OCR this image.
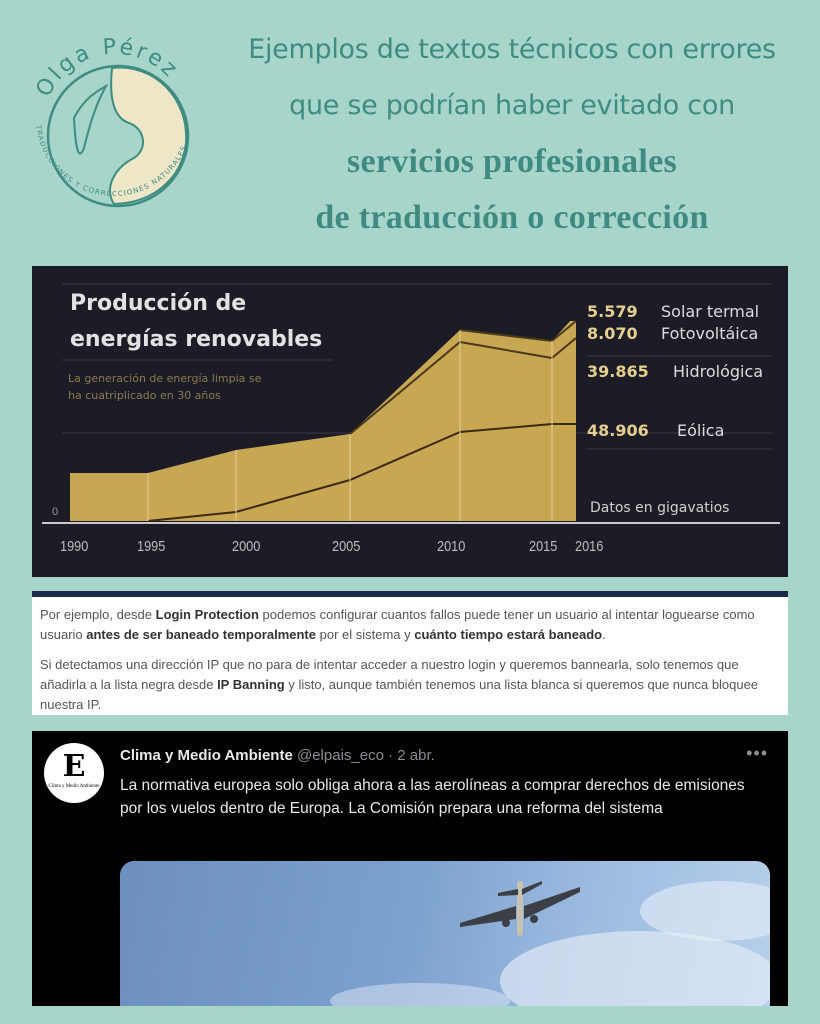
Olga Pérez
TRADUCCIONES Y CORRECCIONES NATURALES
Ejemplos de textos técnicos con errores
que se podrían haber evitado con
servicios profesionales
de traducción o corrección
Producción de
energías renovables
La generación de energía limpia se
ha cuatriplicado en 30 años
5.579	Solar termal
8.070	Fotovoltáica
39.865	Hidrológica
48.906	Eólica
Datos en gigavatios
0
1990	1995	2000	2005	2010	2015 2016

Por ejemplo, desde Login Protection podemos configurar cuantos fallos puede tener un usuario al intentar loguearse como usuario antes de ser baneado temporalmente por el sistema y cuánto tiempo estará baneado.

Si detectamos una dirección IP que no para de intentar acceder a nuestro login y queremos bannearla, solo tenemos que añadirla a la lista negra desde IP Banning y listo, aunque también tenemos una lista blanca si queremos que nunca bloquee nuestra IP.

E
Clima y Medio Ambiente
Clima y Medio Ambiente @elpais_eco · 2 abr.	•••
La normativa europea solo obliga ahora a las aerolíneas a comprar derechos de emisiones por los vuelos dentro de Europa. La Comisión prepara una reforma del sistema
